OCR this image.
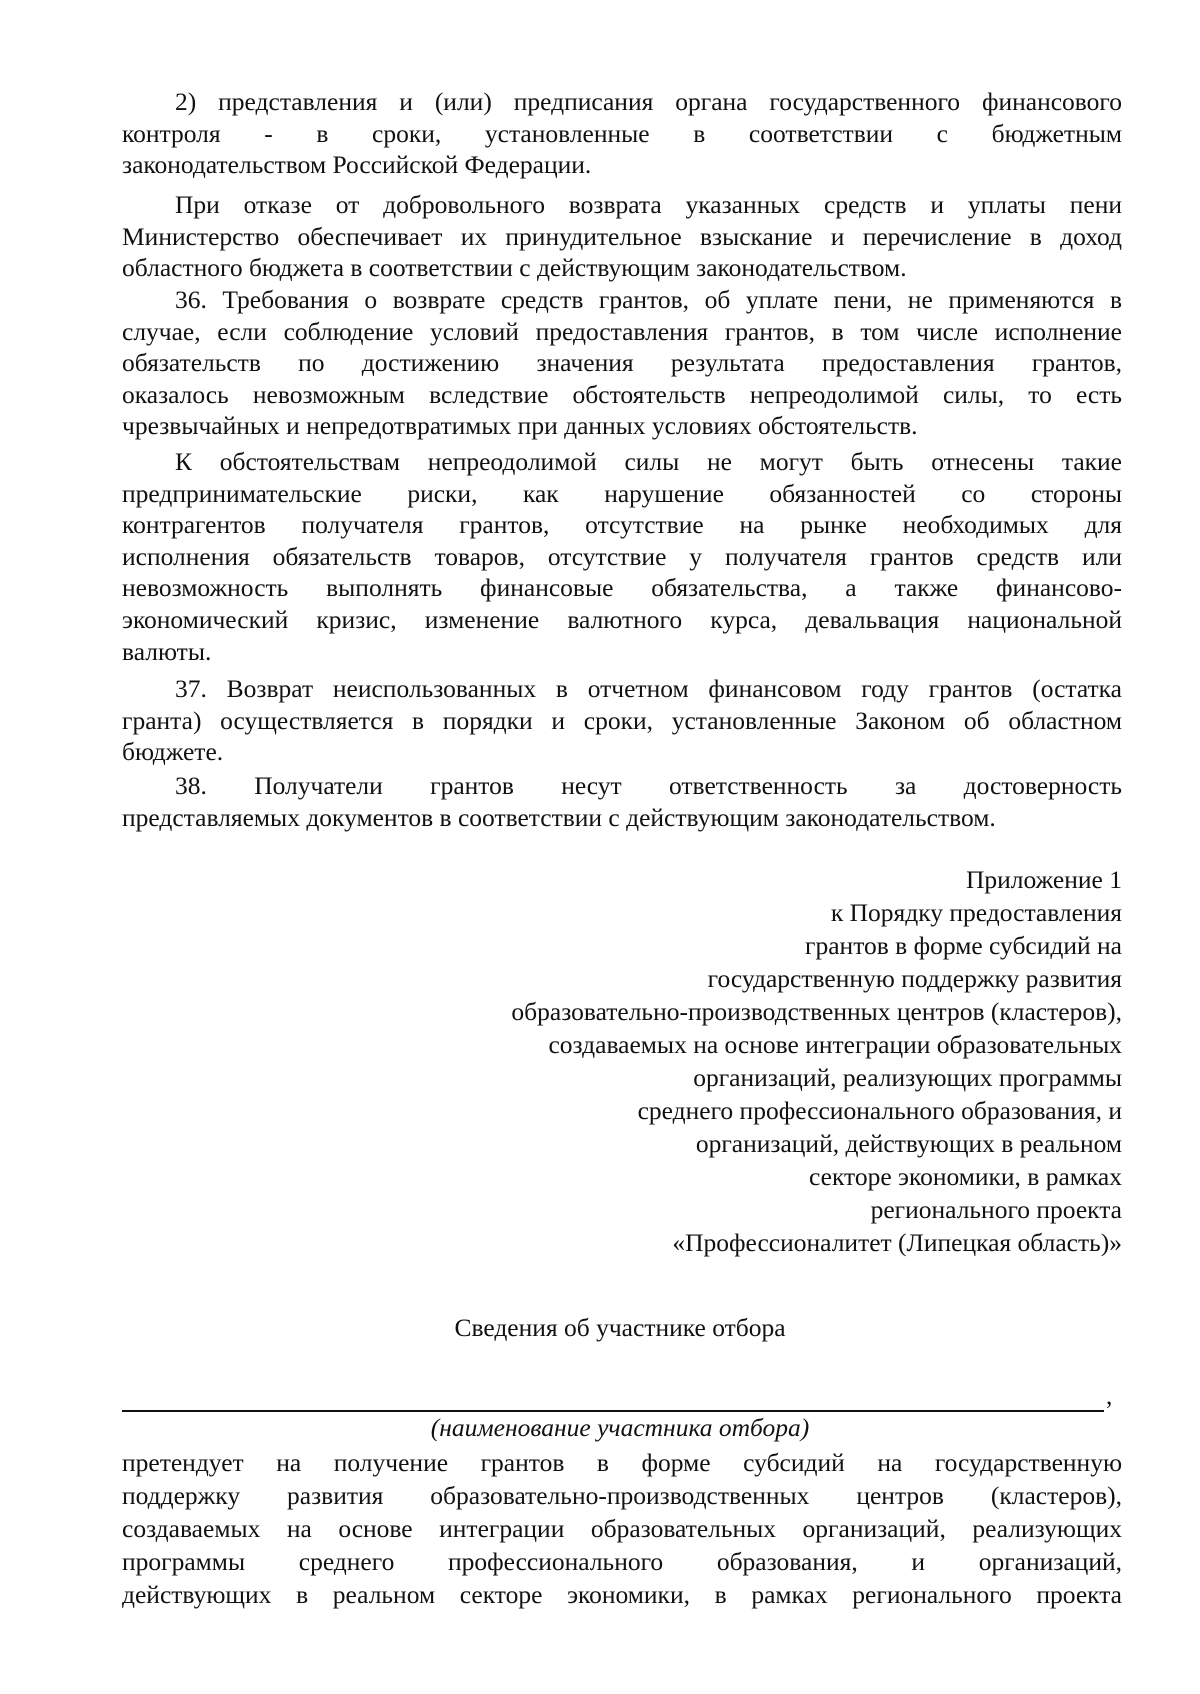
2) представления и (или) предписания органа государственного финансового
контроля - в сроки, установленные в соответствии с бюджетным
законодательством Российской Федерации.
При отказе от добровольного возврата указанных средств и уплаты пени
Министерство обеспечивает их принудительное взыскание и перечисление в доход
областного бюджета в соответствии с действующим законодательством.
36. Требования о возврате средств грантов, об уплате пени, не применяются в
случае, если соблюдение условий предоставления грантов, в том числе исполнение
обязательств по достижению значения результата предоставления грантов,
оказалось невозможным вследствие обстоятельств непреодолимой силы, то есть
чрезвычайных и непредотвратимых при данных условиях обстоятельств.
К обстоятельствам непреодолимой силы не могут быть отнесены такие
предпринимательские риски, как нарушение обязанностей со стороны
контрагентов получателя грантов, отсутствие на рынке необходимых для
исполнения обязательств товаров, отсутствие у получателя грантов средств или
невозможность выполнять финансовые обязательства, а также финансово-
экономический кризис, изменение валютного курса, девальвация национальной
валюты.
37. Возврат неиспользованных в отчетном финансовом году грантов (остатка
гранта) осуществляется в порядки и сроки, установленные Законом об областном
бюджете.
38. Получатели грантов несут ответственность за достоверность
представляемых документов в соответствии с действующим законодательством.
Приложение 1
к Порядку предоставления
грантов в форме субсидий на
государственную поддержку развития
образовательно-производственных центров (кластеров),
создаваемых на основе интеграции образовательных
организаций, реализующих программы
среднего профессионального образования, и
организаций, действующих в реальном
секторе экономики, в рамках
регионального проекта
«Профессионалитет (Липецкая область)»
Сведения об участнике отбора
,
(наименование участника отбора)
претендует на получение грантов в форме субсидий на государственную
поддержку развития образовательно-производственных центров (кластеров),
создаваемых на основе интеграции образовательных организаций, реализующих
программы среднего профессионального образования, и организаций,
действующих в реальном секторе экономики, в рамках регионального проекта
